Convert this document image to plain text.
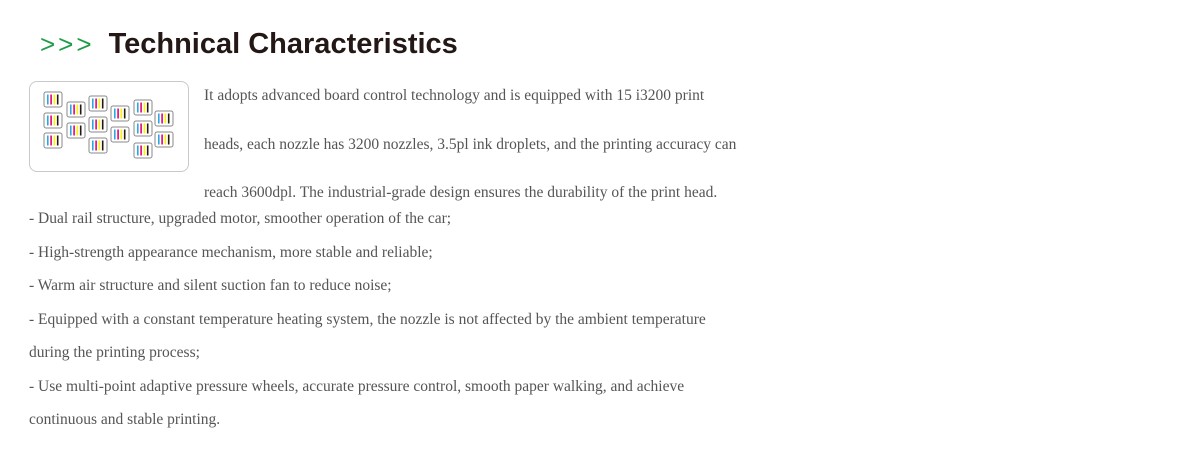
>>> Technical Characteristics

It adopts advanced board control technology and is equipped with 15 i3200 print

heads, each nozzle has 3200 nozzles, 3.5pl ink droplets, and the printing accuracy can

reach 3600dpl. The industrial-grade design ensures the durability of the print head.

- Dual rail structure, upgraded motor, smoother operation of the car;

- High-strength appearance mechanism, more stable and reliable;

- Warm air structure and silent suction fan to reduce noise;

- Equipped with a constant temperature heating system, the nozzle is not affected by the ambient temperature

during the printing process;

- Use multi-point adaptive pressure wheels, accurate pressure control, smooth paper walking, and achieve

continuous and stable printing.
